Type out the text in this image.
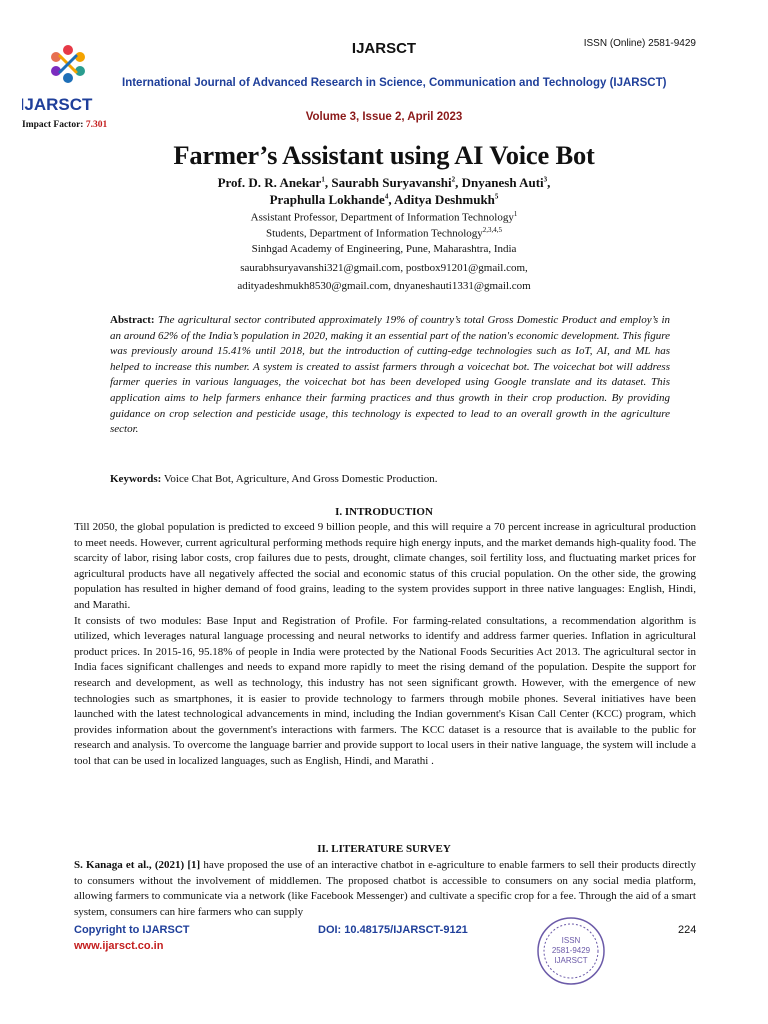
IJARSCT
IJARSCT	ISSN (Online) 2581-9429
International Journal of Advanced Research in Science, Communication and Technology (IJARSCT)
Volume 3, Issue 2, April 2023
Impact Factor: 7.301
Farmer’s Assistant using AI Voice Bot
Prof. D. R. Anekar$^1$, Saurabh Suryavanshi$^2$, Dnyanesh Auti$^3$,
Praphulla Lokhande$^4$, Aditya Deshmukh$^5$
Assistant Professor, Department of Information Technology$^1$
Students, Department of Information Technology$^{2,3,4,5}$
Sinhgad Academy of Engineering, Pune, Maharashtra, India
saurabhsuryavanshi321@gmail.com, postbox91201@gmail.com,
adityadeshmukh8530@gmail.com, dnyaneshauti1331@gmail.com
Abstract: The agricultural sector contributed approximately 19% of country’s total Gross Domestic Product and employ’s in an around 62% of the India’s population in 2020, making it an essential part of the nation's economic development. This figure was previously around 15.41% until 2018, but the introduction of cutting-edge technologies such as IoT, AI, and ML has helped to increase this number. A system is created to assist farmers through a voicechat bot. The voicechat bot will address farmer queries in various languages, the voicechat bot has been developed using Google translate and its dataset. This application aims to help farmers enhance their farming practices and thus growth in their crop production. By providing guidance on crop selection and pesticide usage, this technology is expected to lead to an overall growth in the agriculture sector.
Keywords: Voice Chat Bot, Agriculture, And Gross Domestic Production.
I. INTRODUCTION

Till 2050, the global population is predicted to exceed 9 billion people, and this will require a 70 percent increase in agricultural production to meet needs. However, current agricultural performing methods require high energy inputs, and the market demands high-quality food. The scarcity of labor, rising labor costs, crop failures due to pests, drought, climate changes, soil fertility loss, and fluctuating market prices for agricultural products have all negatively affected the social and economic status of this crucial population. On the other side, the growing population has resulted in higher demand of food grains, leading to the system provides support in three native languages: English, Hindi, and Marathi.

It consists of two modules: Base Input and Registration of Profile. For farming-related consultations, a recommendation algorithm is utilized, which leverages natural language processing and neural networks to identify and address farmer queries. Inflation in agricultural product prices. In 2015-16, 95.18% of people in India were protected by the National Foods Securities Act 2013. The agricultural sector in India faces significant challenges and needs to expand more rapidly to meet the rising demand of the population. Despite the support for research and development, as well as technology, this industry has not seen significant growth. However, with the emergence of new technologies such as smartphones, it is easier to provide technology to farmers through mobile phones. Several initiatives have been launched with the latest technological advancements in mind, including the Indian government's Kisan Call Center (KCC) program, which provides information about the government's interactions with farmers. The KCC dataset is a resource that is available to the public for research and analysis. To overcome the language barrier and provide support to local users in their native language, the system will include a tool that can be used in localized languages, such as English, Hindi, and Marathi .

II. LITERATURE SURVEY
S. Kanaga et al., (2021) [1] have proposed the use of an interactive chatbot in e-agriculture to enable farmers to sell their products directly to consumers without the involvement of middlemen. The proposed chatbot is accessible to consumers on any social media platform, allowing farmers to communicate via a network (like Facebook Messenger) and cultivate a specific crop for a fee. Through the aid of a smart system, consumers can hire farmers who can supply
Copyright to IJARSCT
www.ijarsct.co.in
DOI: 10.48175/IJARSCT-9121
ISSN
2581-9429
IJARSCT
224
